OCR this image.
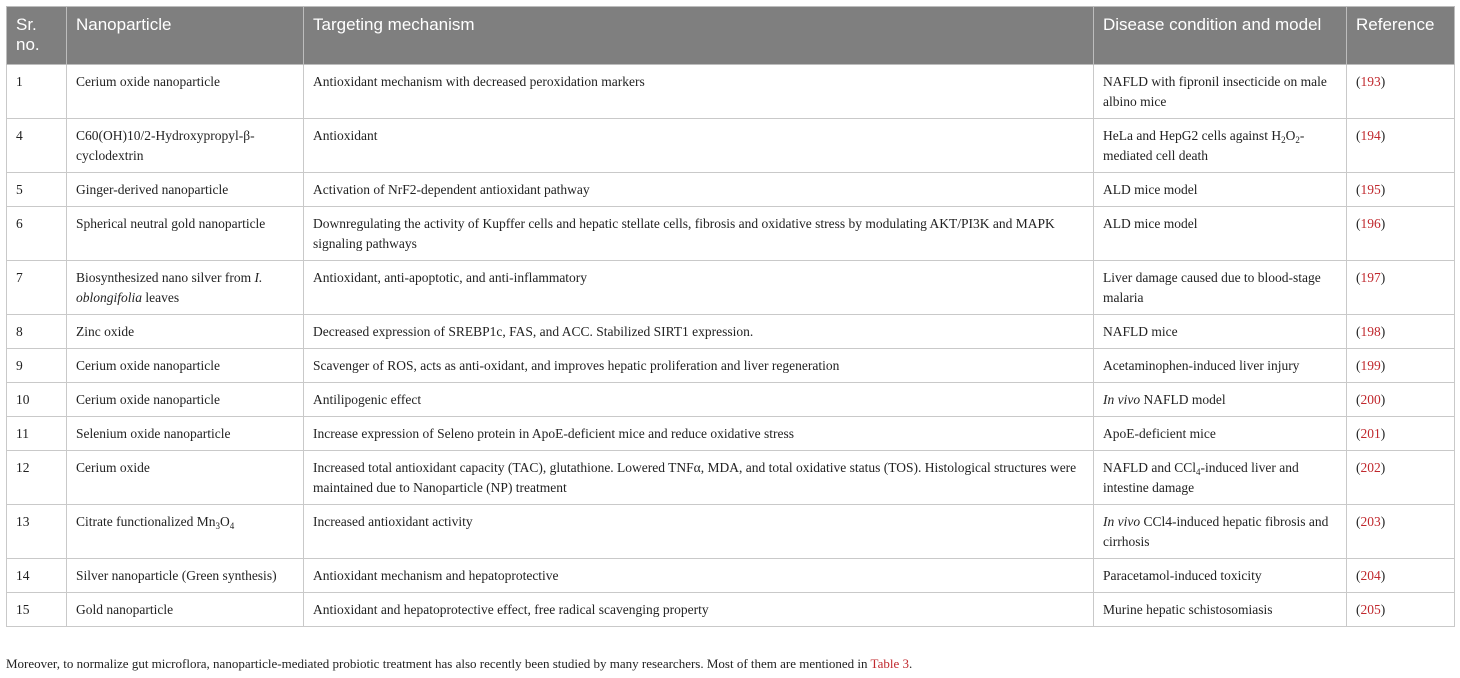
Sr. no.	Nanoparticle	Targeting mechanism	Disease condition and model	Reference
1	Cerium oxide nanoparticle	Antioxidant mechanism with decreased peroxidation markers	NAFLD with fipronil insecticide on male albino mice	(193)
4	C60(OH)10/2-Hydroxypropyl-β-cyclodextrin	Antioxidant	HeLa and HepG2 cells against $H_2O_2$-mediated cell death	(194)
5	Ginger-derived nanoparticle	Activation of NrF2-dependent antioxidant pathway	ALD mice model	(195)
6	Spherical neutral gold nanoparticle	Downregulating the activity of Kupffer cells and hepatic stellate cells, fibrosis and oxidative stress by modulating AKT/PI3K and MAPK signaling pathways	ALD mice model	(196)
7	Biosynthesized nano silver from I. oblongifolia leaves	Antioxidant, anti-apoptotic, and anti-inflammatory	Liver damage caused due to blood-stage malaria	(197)
8	Zinc oxide	Decreased expression of SREBP1c, FAS, and ACC. Stabilized SIRT1 expression.	NAFLD mice	(198)
9	Cerium oxide nanoparticle	Scavenger of ROS, acts as anti-oxidant, and improves hepatic proliferation and liver regeneration	Acetaminophen-induced liver injury	(199)
10	Cerium oxide nanoparticle	Antilipogenic effect	In vivo NAFLD model	(200)
11	Selenium oxide nanoparticle	Increase expression of Seleno protein in ApoE-deficient mice and reduce oxidative stress	ApoE-deficient mice	(201)
12	Cerium oxide	Increased total antioxidant capacity (TAC), glutathione. Lowered TNFα, MDA, and total oxidative status (TOS). Histological structures were maintained due to Nanoparticle (NP) treatment	NAFLD and CCl$_4$-induced liver and intestine damage	(202)
13	Citrate functionalized $Mn_3O_4$	Increased antioxidant activity	In vivo CCl4-induced hepatic fibrosis and cirrhosis	(203)
14	Silver nanoparticle (Green synthesis)	Antioxidant mechanism and hepatoprotective	Paracetamol-induced toxicity	(204)
15	Gold nanoparticle	Antioxidant and hepatoprotective effect, free radical scavenging property	Murine hepatic schistosomiasis	(205)
Moreover, to normalize gut microflora, nanoparticle-mediated probiotic treatment has also recently been studied by many researchers. Most of them are mentioned in Table 3.
